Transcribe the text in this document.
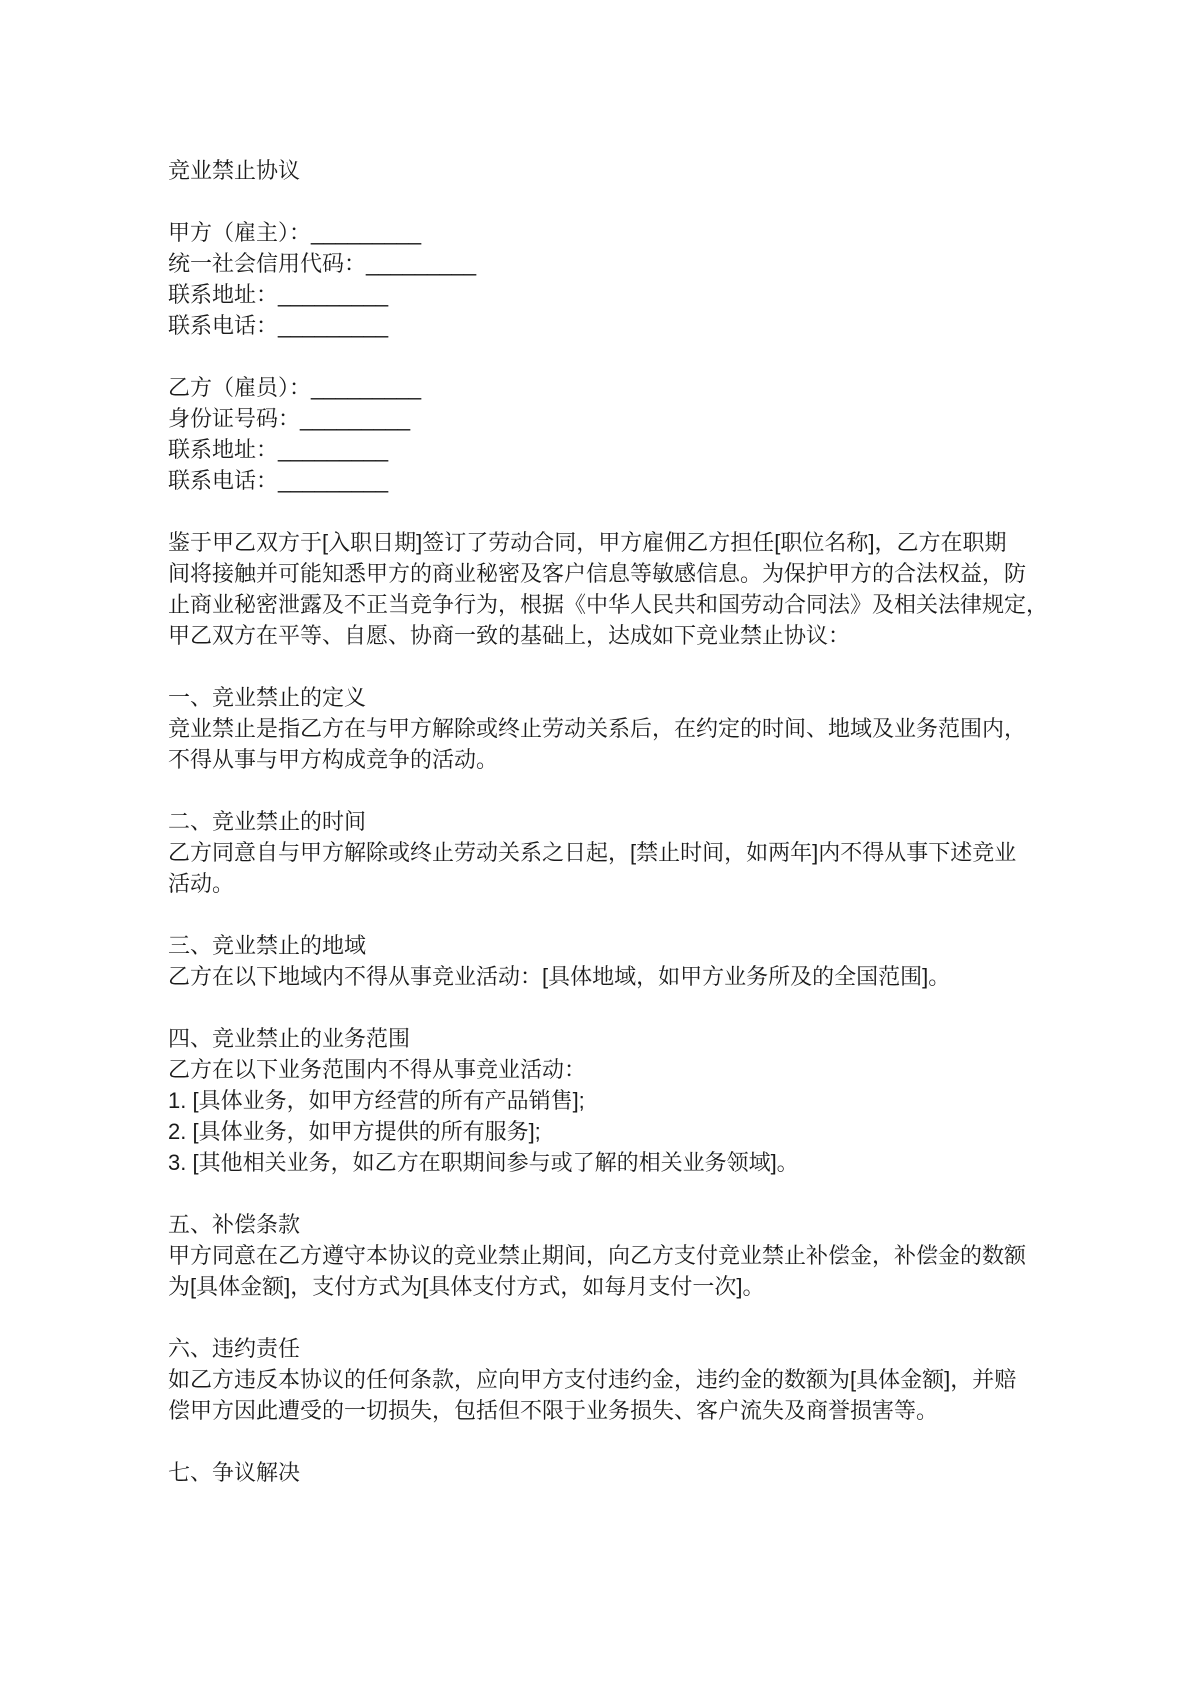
竞业禁止协议

甲方（雇主）：_________

统一社会信用代码：_________

联系地址：_________

联系电话：_________

乙方（雇员）：_________

身份证号码：_________

联系地址：_________

联系电话：_________

鉴于甲乙双方于[入职日期]签订了劳动合同，甲方雇佣乙方担任[职位名称]，乙方在职期

间将接触并可能知悉甲方的商业秘密及客户信息等敏感信息。为保护甲方的合法权益，防

止商业秘密泄露及不正当竞争行为，根据《中华人民共和国劳动合同法》及相关法律规定，

甲乙双方在平等、自愿、协商一致的基础上，达成如下竞业禁止协议：

一、竞业禁止的定义

竞业禁止是指乙方在与甲方解除或终止劳动关系后，在约定的时间、地域及业务范围内，

不得从事与甲方构成竞争的活动。

二、竞业禁止的时间

乙方同意自与甲方解除或终止劳动关系之日起，[禁止时间，如两年]内不得从事下述竞业

活动。

三、竞业禁止的地域

乙方在以下地域内不得从事竞业活动：[具体地域，如甲方业务所及的全国范围]。

四、竞业禁止的业务范围

乙方在以下业务范围内不得从事竞业活动：

1. [具体业务，如甲方经营的所有产品销售];

2. [具体业务，如甲方提供的所有服务];

3. [其他相关业务，如乙方在职期间参与或了解的相关业务领域]。

五、补偿条款

甲方同意在乙方遵守本协议的竞业禁止期间，向乙方支付竞业禁止补偿金，补偿金的数额

为[具体金额]，支付方式为[具体支付方式，如每月支付一次]。

六、违约责任

如乙方违反本协议的任何条款，应向甲方支付违约金，违约金的数额为[具体金额]，并赔

偿甲方因此遭受的一切损失，包括但不限于业务损失、客户流失及商誉损害等。

七、争议解决
